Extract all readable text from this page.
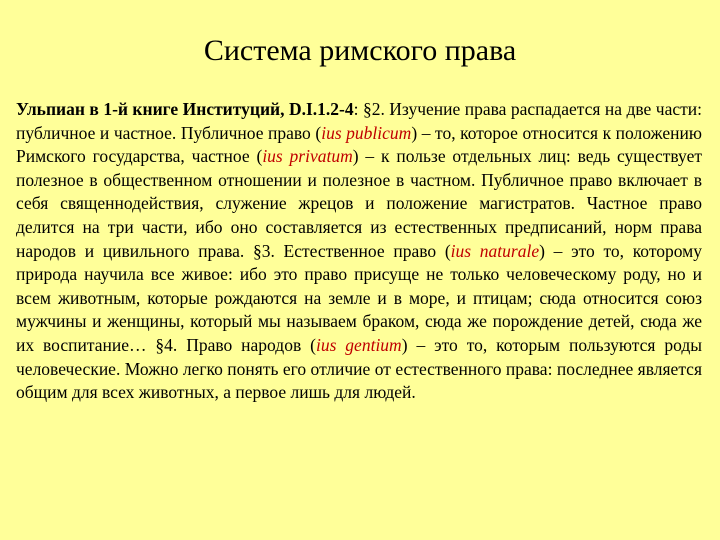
Система римского права
Ульпиан в 1-й книге Институций, D.I.1.2-4: §2. Изучение права распадается на две части: публичное и частное. Публичное право (ius publicum) – то, которое относится к положению Римского государства, частное (ius privatum) – к пользе отдельных лиц: ведь существует полезное в общественном отношении и полезное в частном. Публичное право включает в себя священнодействия, служение жрецов и положение магистратов. Частное право делится на три части, ибо оно составляется из естественных предписаний, норм права народов и цивильного права. §3. Естественное право (ius naturale) – это то, которому природа научила все живое: ибо это право присуще не только человеческому роду, но и всем животным, которые рождаются на земле и в море, и птицам; сюда относится союз мужчины и женщины, который мы называем браком, сюда же порождение детей, сюда же их воспитание… §4. Право народов (ius gentium) – это то, которым пользуются роды человеческие. Можно легко понять его отличие от естественного права: последнее является общим для всех животных, а первое лишь для людей.
